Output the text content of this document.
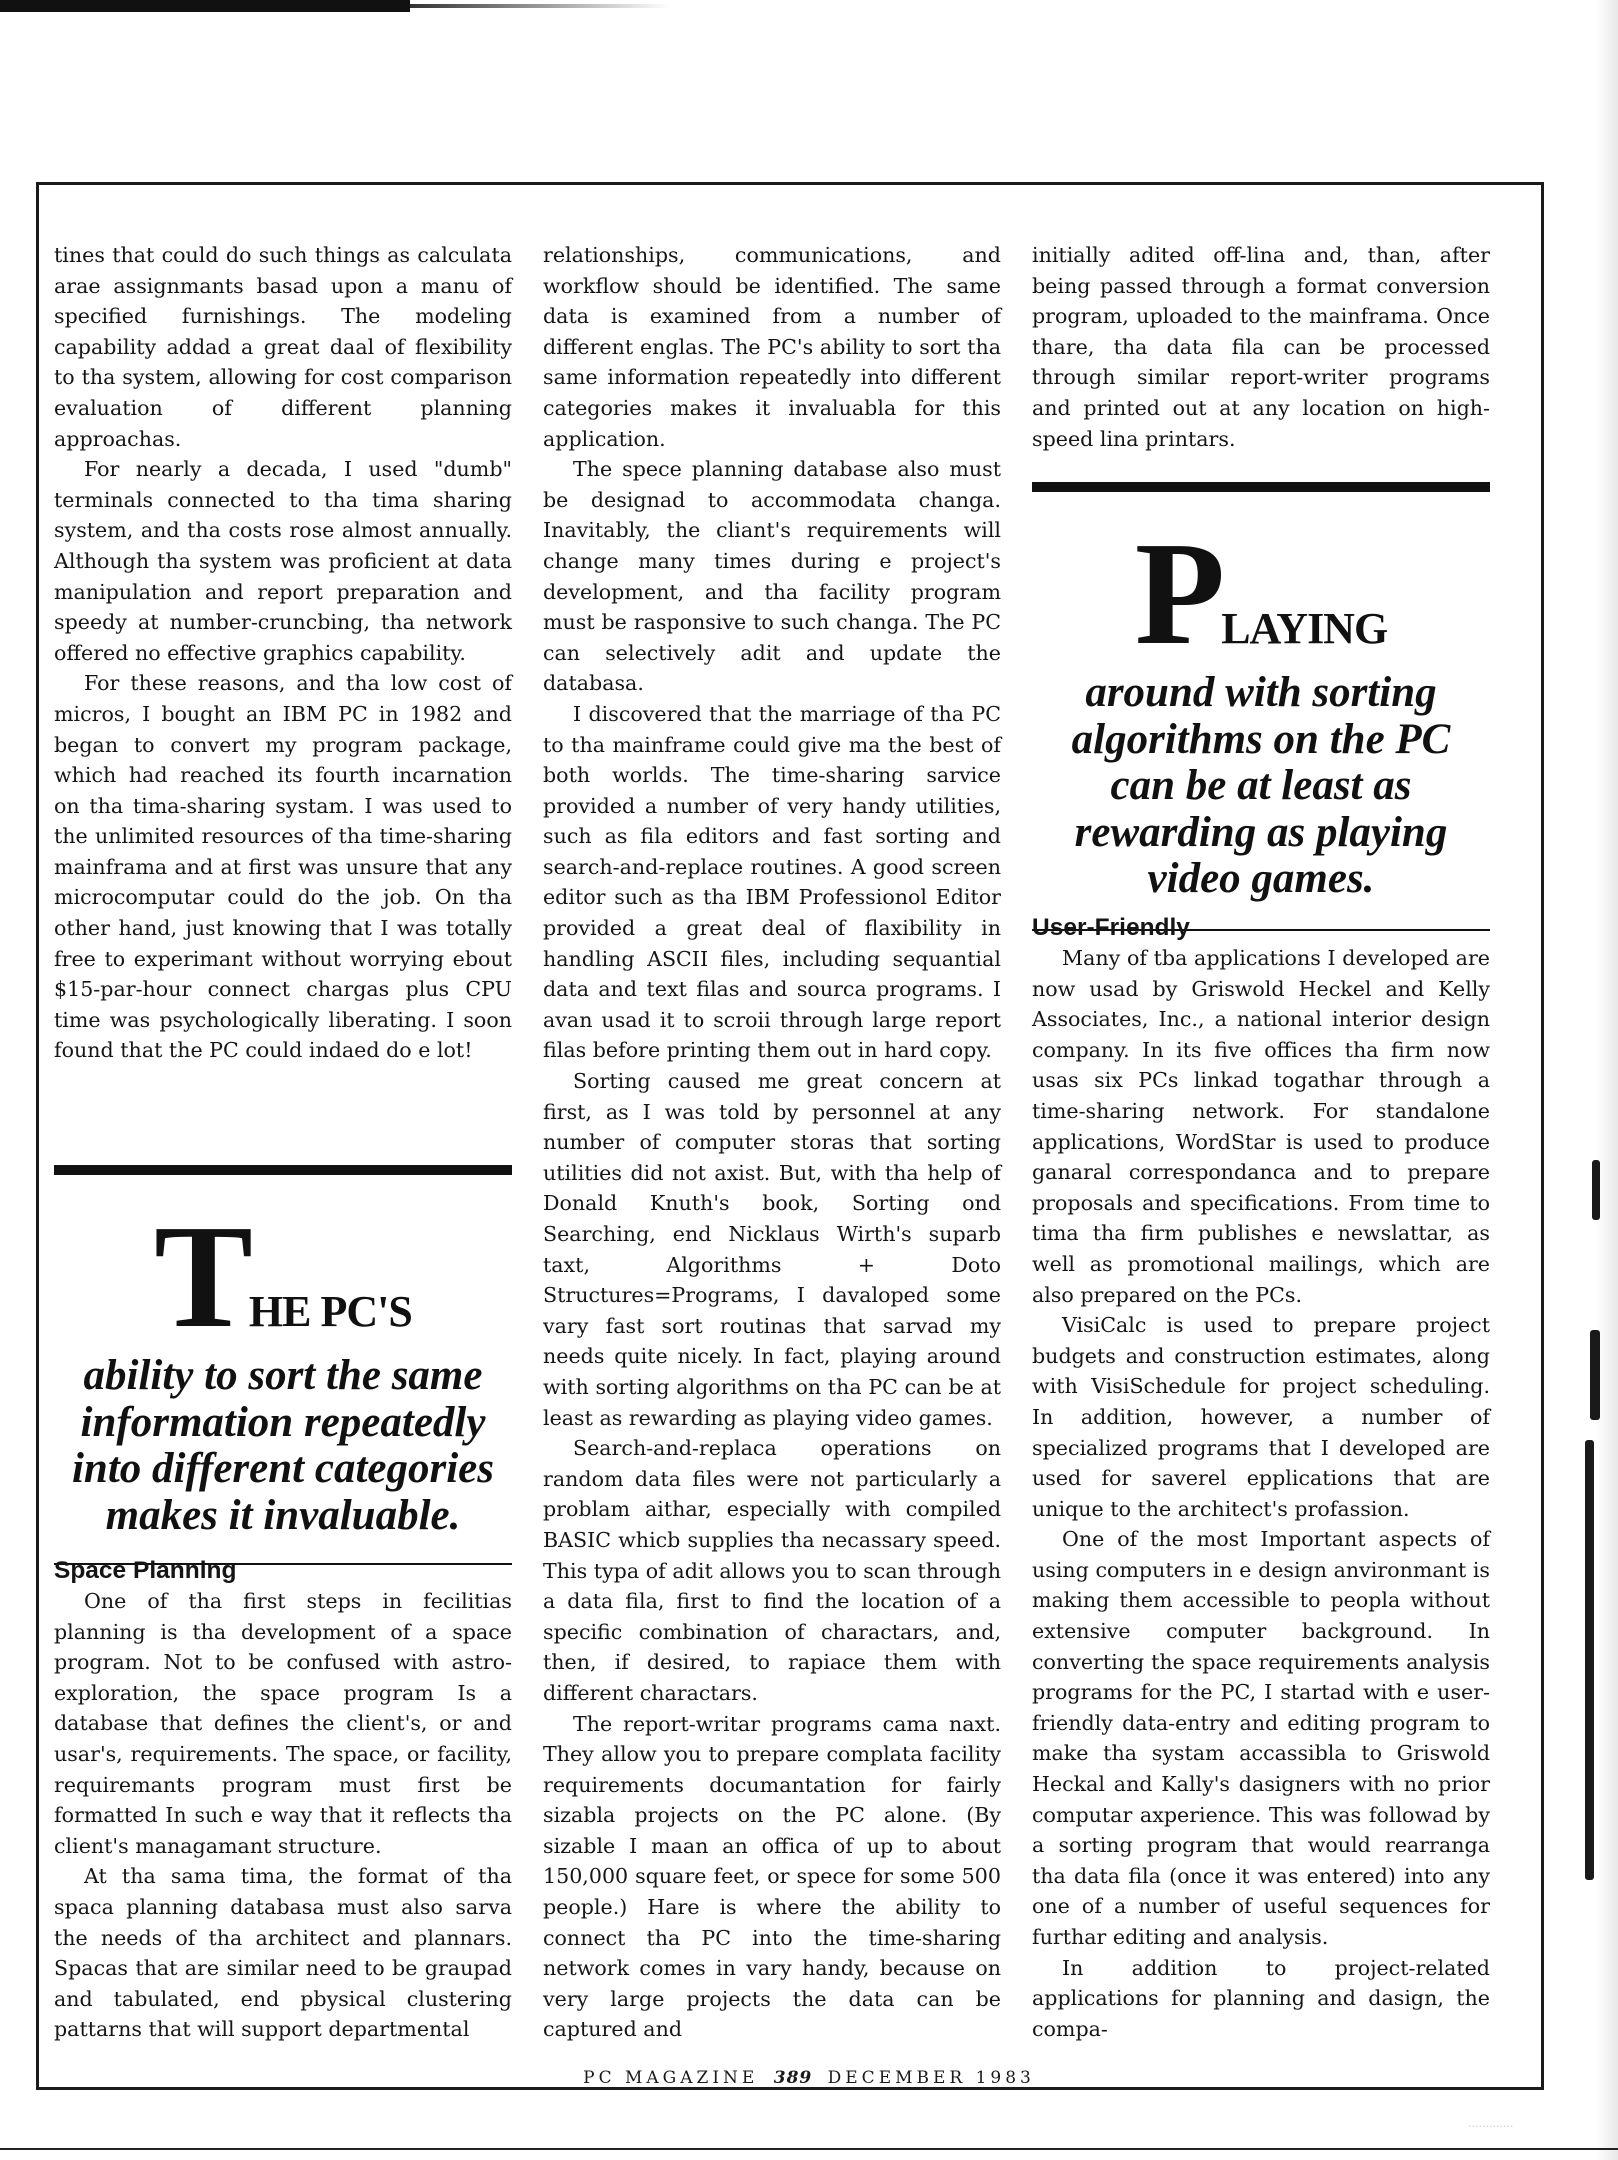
·············

tines that could do such things as calculata arae assignmants basad upon a manu of specified furnishings. The modeling capability addad a great daal of flexibility to tha system, allowing for cost comparison evaluation of different planning approachas.

For nearly a decada, I used "dumb" terminals connected to tha tima sharing system, and tha costs rose almost annually. Although tha system was proficient at data manipulation and report preparation and speedy at number-cruncbing, tha network offered no effective graphics capability.

For these reasons, and tha low cost of micros, I bought an IBM PC in 1982 and began to convert my program package, which had reached its fourth incarnation on tha tima-sharing systam. I was used to the unlimited resources of tha time-sharing mainframa and at first was unsure that any microcomputar could do the job. On tha other hand, just knowing that I was totally free to experimant without worrying ebout $15-par-hour connect chargas plus CPU time was psychologically liberating. I soon found that the PC could indaed do e lot!

THE PC'S
ability to sort the same
information repeatedly
into different categories
makes it invaluable.
Space Planning

One of tha first steps in fecilitias planning is tha development of a space program. Not to be confused with astro-exploration, the space program Is a database that defines the client's, or and usar's, requirements. The space, or facility, requiremants program must first be formatted In such e way that it reflects tha client's managamant structure.

At tha sama tima, the format of tha spaca planning databasa must also sarva the needs of tha architect and plannars. Spacas that are similar need to be graupad and tabulated, end pbysical clustering pattarns that will support departmental

relationships, communications, and workflow should be identified. The same data is examined from a number of different englas. The PC's ability to sort tha same information repeatedly into different categories makes it invaluabla for this application.

The spece planning database also must be designad to accommodata changa. Inavitably, the cliant's requirements will change many times during e project's development, and tha facility program must be rasponsive to such changa. The PC can selectively adit and update the databasa.

I discovered that the marriage of tha PC to tha mainframe could give ma the best of both worlds. The time-sharing sarvice provided a number of very handy utilities, such as fila editors and fast sorting and search-and-replace routines. A good screen editor such as tha IBM Professionol Editor provided a great deal of flaxibility in handling ASCII files, including sequantial data and text filas and sourca programs. I avan usad it to scroii through large report filas before printing them out in hard copy.

Sorting caused me great concern at first, as I was told by personnel at any number of computer storas that sorting utilities did not axist. But, with tha help of Donald Knuth's book, Sorting ond Searching, end Nicklaus Wirth's suparb taxt, Algorithms + Doto Structures=Programs, I davaloped some vary fast sort routinas that sarvad my needs quite nicely. In fact, playing around with sorting algorithms on tha PC can be at least as rewarding as playing video games.

Search-and-replaca operations on random data files were not particularly a problam aithar, especially with compiled BASIC whicb supplies tha necassary speed. This typa of adit allows you to scan through a data fila, first to find the location of a specific combination of charactars, and, then, if desired, to rapiace them with different charactars.

The report-writar programs cama naxt. They allow you to prepare complata facility requirements documantation for fairly sizabla projects on the PC alone. (By sizable I maan an offica of up to about 150,000 square feet, or spece for some 500 people.) Hare is where the ability to connect tha PC into the time-sharing network comes in vary handy, because on very large projects the data can be captured and

initially adited off-lina and, than, after being passed through a format conversion program, uploaded to the mainframa. Once thare, tha data fila can be processed through similar report-writer programs and printed out at any location on high-speed lina printars.

PLAYING
around with sorting
algorithms on the PC
can be at least as
rewarding as playing
video games.
User-Friendly

Many of tba applications I developed are now usad by Griswold Heckel and Kelly Associates, Inc., a national interior design company. In its five offices tha firm now usas six PCs linkad togathar through a time-sharing network. For standalone applications, WordStar is used to produce ganaral correspondanca and to prepare proposals and specifications. From time to tima tha firm publishes e newslattar, as well as promotional mailings, which are also prepared on the PCs.

VisiCalc is used to prepare project budgets and construction estimates, along with VisiSchedule for project scheduling. In addition, however, a number of specialized programs that I developed are used for saverel epplications that are unique to the architect's profassion.

One of the most Important aspects of using computers in e design anvironmant is making them accessible to peopla without extensive computer background. In converting the space requirements analysis programs for the PC, I startad with e user-friendly data-entry and editing program to make tha systam accassibla to Griswold Heckal and Kally's dasigners with no prior computar axperience. This was followad by a sorting program that would rearranga tha data fila (once it was entered) into any one of a number of useful sequences for furthar editing and analysis.

In addition to project-related applications for planning and dasign, the compa-

PC MAGAZINE 389 DECEMBER 1983
